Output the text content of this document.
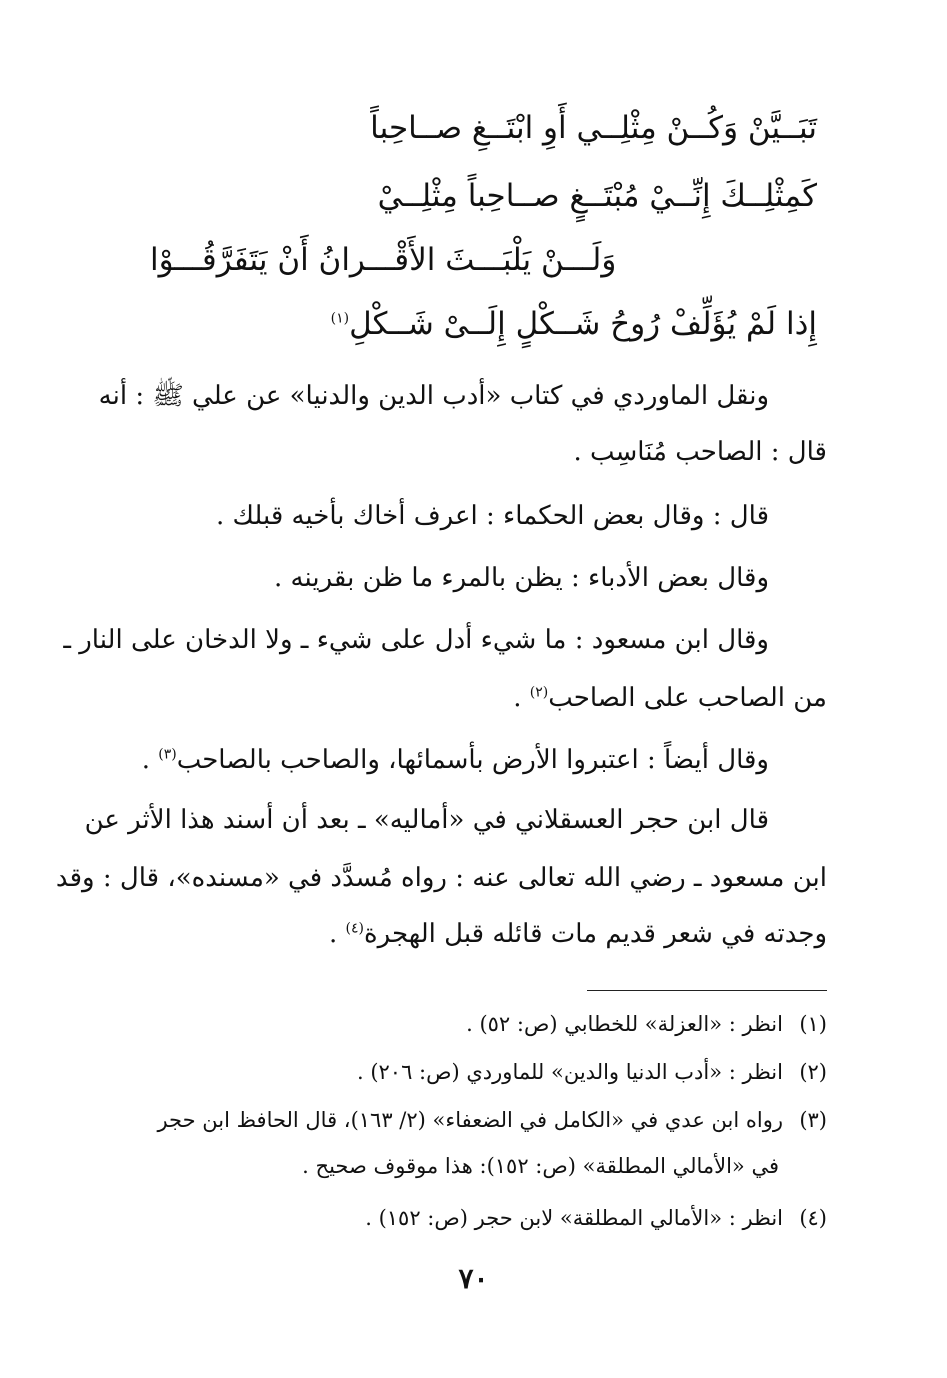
تَبَــيَّنْ وَكُــنْ مِثْلِــي أَوِ ابْتَــغِ صــاحِباً
كَمِثْلِــكَ إِنِّــيْ مُبْتَــغٍ صــاحِباً مِثْلِــيْ
وَلَـــنْ يَلْبَـــثَ الأَقْـــرانُ أَنْ يَتَفَرَّقُـــوْا
إِذا لَمْ يُؤَلِّفْ رُوحُ شَــكْلٍ إِلَــىْ شَــكْلِ$^{(١)}$
ونقل الماوردي في كتاب «أدب الدين والدنيا» عن علي ﷺ : أنه
قال : الصاحب مُنَاسِب .
قال : وقال بعض الحكماء : اعرف أخاك بأخيه قبلك .
وقال بعض الأدباء : يظن بالمرء ما ظن بقرينه .
وقال ابن مسعود : ما شيء أدل على شيء ـ ولا الدخان على النار ـ
من الصاحب على الصاحب$^{(٢)}$ .
وقال أيضاً : اعتبروا الأرض بأسمائها، والصاحب بالصاحب$^{(٣)}$ .
قال ابن حجر العسقلاني في «أماليه» ـ بعد أن أسند هذا الأثر عن
ابن مسعود ـ رضي الله تعالى عنه : رواه مُسدَّد في «مسنده»، قال : وقد
وجدته في شعر قديم مات قائله قبل الهجرة$^{(٤)}$ .
(١)انظر : «العزلة» للخطابي (ص: ٥٢) .
(٢)انظر : «أدب الدنيا والدين» للماوردي (ص: ٢٠٦) .
(٣)رواه ابن عدي في «الكامل في الضعفاء» (٢/ ١٦٣)، قال الحافظ ابن حجر
في «الأمالي المطلقة» (ص: ١٥٢): هذا موقوف صحيح .
(٤)انظر : «الأمالي المطلقة» لابن حجر (ص: ١٥٢) .
٧٠
